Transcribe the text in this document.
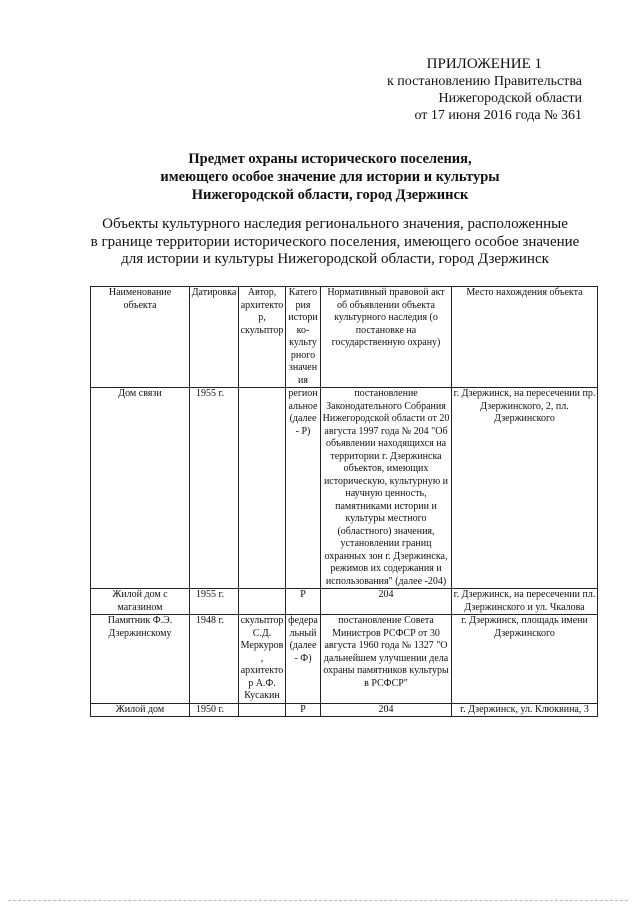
ПРИЛОЖЕНИЕ 1
к постановлению Правительства
Нижегородской области
от 17 июня 2016 года № 361
Предмет охраны исторического поселения,
имеющего особое значение для истории и культуры
Нижегородской области, город Дзержинск
Объекты культурного наследия регионального значения, расположенные
в границе территории исторического поселения, имеющего особое значение
для истории и культуры Нижегородской области, город Дзержинск
Наименование объекта	Датировка	Автор, архитектор, скульптор	Категория историко-культурного значения	Нормативный правовой акт об объявлении объекта культурного наследия (о постановке на государственную охрану)	Место нахождения объекта
Дом связи	1955 г.		региональное (далее - Р)	постановление Законодательного Собрания Нижегородской области от 20 августа 1997 года № 204 "Об объявлении находящихся на территории г. Дзержинска объектов, имеющих историческую, культурную и научную ценность, памятниками истории и культуры местного (областного) значения, установлении границ охранных зон г. Дзержинска, режимов их содержания и использования" (далее -204)	г. Дзержинск, на пересечении пр. Дзержинского, 2, пл. Дзержинского
Жилой дом с магазином	1955 г.		Р	204	г. Дзержинск, на пересечении пл. Дзержинского и ул. Чкалова
Памятник Ф.Э. Дзержинскому	1948 г.	скульптор С.Д. Меркуров, архитектор А.Ф. Кусакин	федеральный (далее - Ф)	постановление Совета Министров РСФСР от 30 августа 1960 года № 1327 "О дальнейшем улучшении дела охраны памятников культуры в РСФСР"	г. Дзержинск, площадь имени Дзержинского
Жилой дом	1950 г.		Р	204	г. Дзержинск, ул. Клюквина, 3
